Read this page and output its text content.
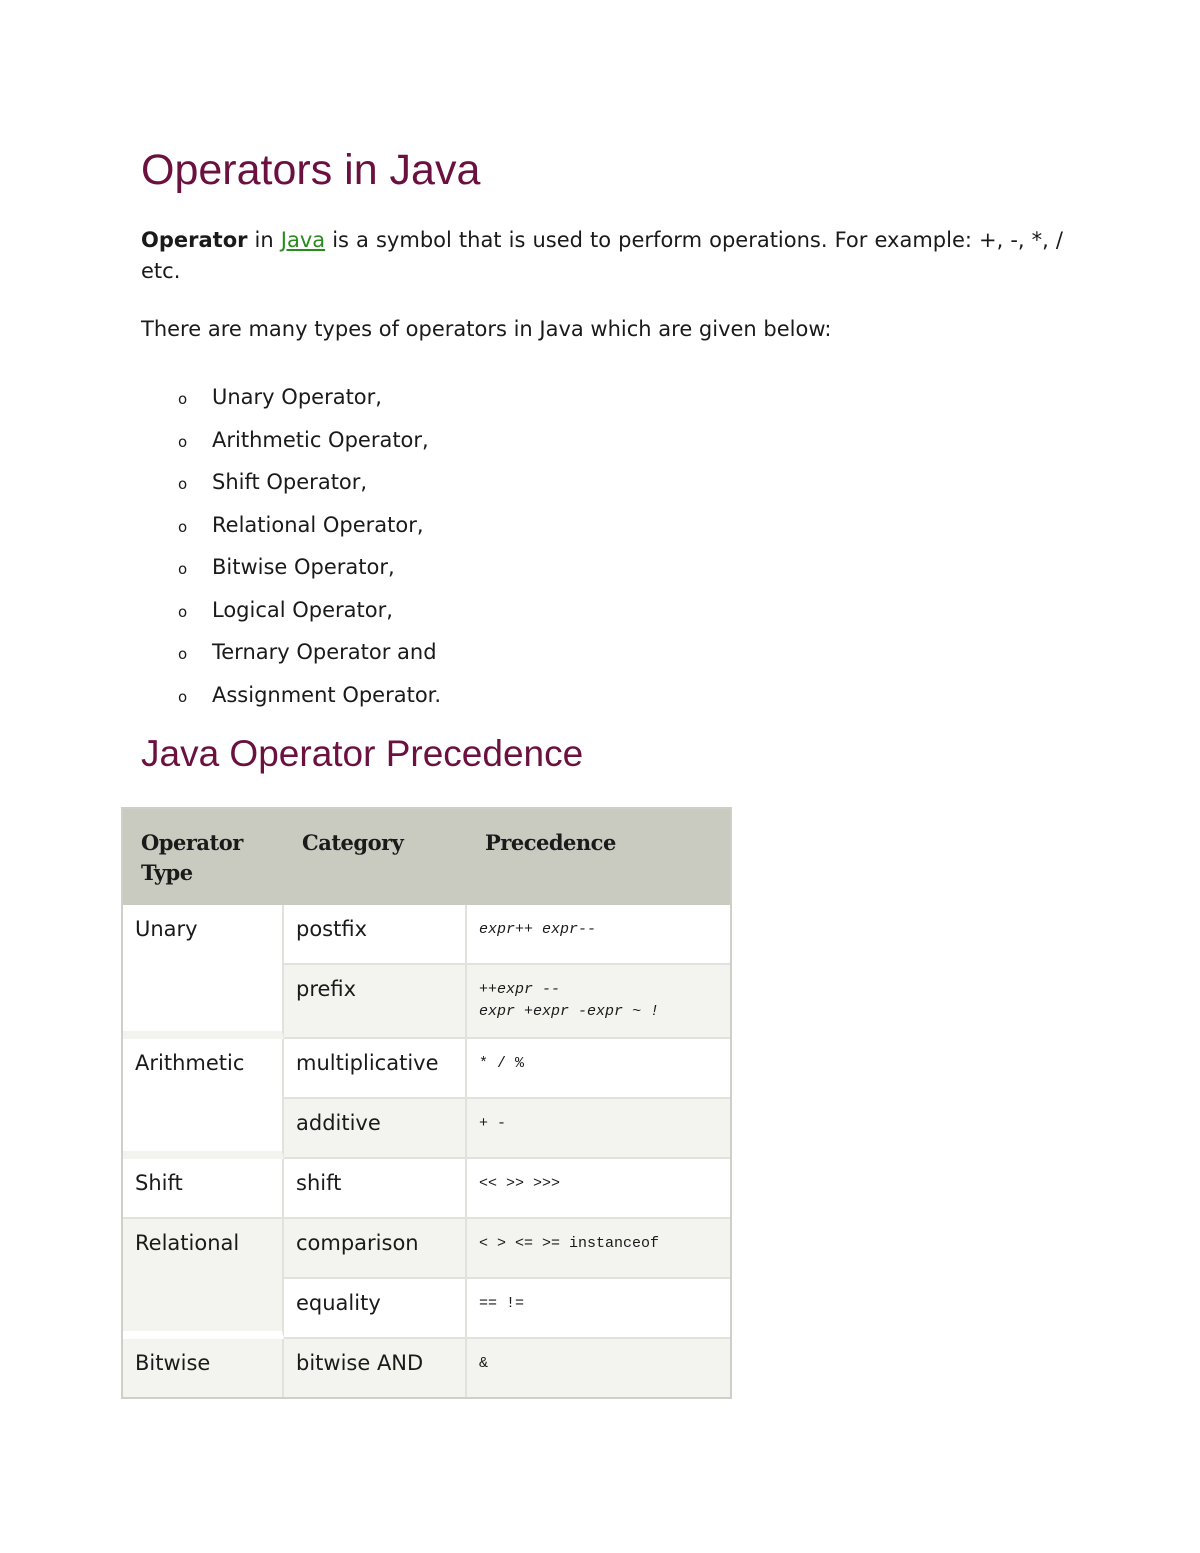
Operators in Java

Operator in Java is a symbol that is used to perform operations. For example: +, -, *, / etc.

There are many types of operators in Java which are given below:

o Unary Operator,
o Arithmetic Operator,
o Shift Operator,
o Relational Operator,
o Bitwise Operator,
o Logical Operator,
o Ternary Operator and
o Assignment Operator.
Java Operator Precedence
Operator Type	Category	Precedence
Unary	postfix	expr++ expr--
	prefix	++expr --
expr +expr -expr ~ !
Arithmetic	multiplicative	* / %
	additive	+ -
Shift	shift	<< >> >>>
Relational	comparison	< > <= >= instanceof
	equality	== !=
Bitwise	bitwise AND	&
